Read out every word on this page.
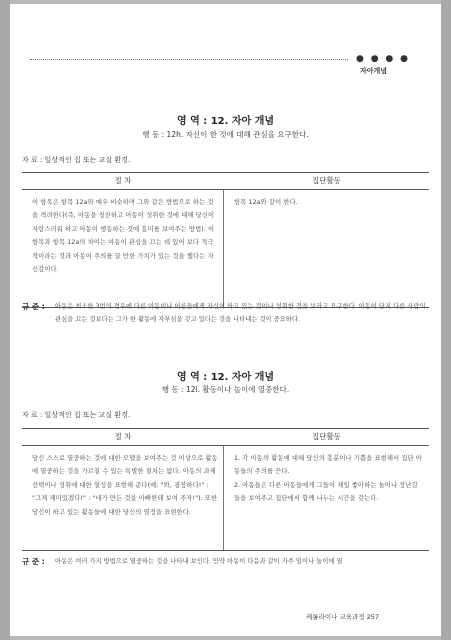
● ● ● ●
자아개념
영 역 : 12. 자아 개념
행 동 : 12h. 자신이 한 것에 대해 관심을 요구한다.
자 료 : 일상적인 집 또는 교실 환경.
절 차	집단활동
이 항목은 항목 12a와 매우 비슷하며 그와 같은 방법으로 하는 것을 격려한다(즉, 아동을 칭찬하고 아동이 성취한 것에 대해 당신이 자랑스러워 하고 아동이 행동하는 것에 흥미를 보여주는 방법). 이 항목과 항목 12a의 차이는 아동이 관심을 끄는 데 있어 보다 적극적이라는 것과 아동이 주의를 끌 만한 가치가 있는 것을 했다는 자신감이다.
항목 12a와 같이 한다.
규 준 : 아동은 최소한 3번의 경우에 다른 아동이나 어른들에게 자신이 하고 있는 것이나 성취한 것을 보라고 요구한다. 아동이 단지 다른 사람의 관심을 끄는 것보다는 그가 한 활동에 자부심을 갖고 있다는 것을 나타내는 것이 중요하다.
영 역 : 12. 자아 개념
행 동 : 12i. 활동이나 놀이에 열중한다.
자 료 : 일상적인 집 또는 교실 환경.
절 차	집단활동
당신 스스로 열중하는 것에 대한 모델을 보여주는 것 이상으로 활동에 열중하는 것을 가르칠 수 있는 특별한 절차는 없다. 아동의 과제 선택이나 성취에 대한 열성을 표현해 준다(예: "와, 굉장하다!" : "그게 재미있겠다!" : "네가 만든 것을 아빠한테 보여 주자!"). 또한 당신이 하고 있는 활동들에 대한 당신의 열정을 표현한다.
1. 각 아동의 활동에 대해 당신의 흥분이나 기쁨을 표현해서 집단 아동들의 주의를 끈다.
2. 아동들은 다른 아동들에게 그들이 제일 좋아하는 놀이나 장난감들을 보여주고 집단에서 함께 나누는 시간을 갖는다.
규 준 : 아동은 여러 가지 방법으로 열중하는 것을 나타내 보인다. 만약 아동이 다음과 같이 자주 일이나 놀이에 열
케롤라이나 교육과정 257
